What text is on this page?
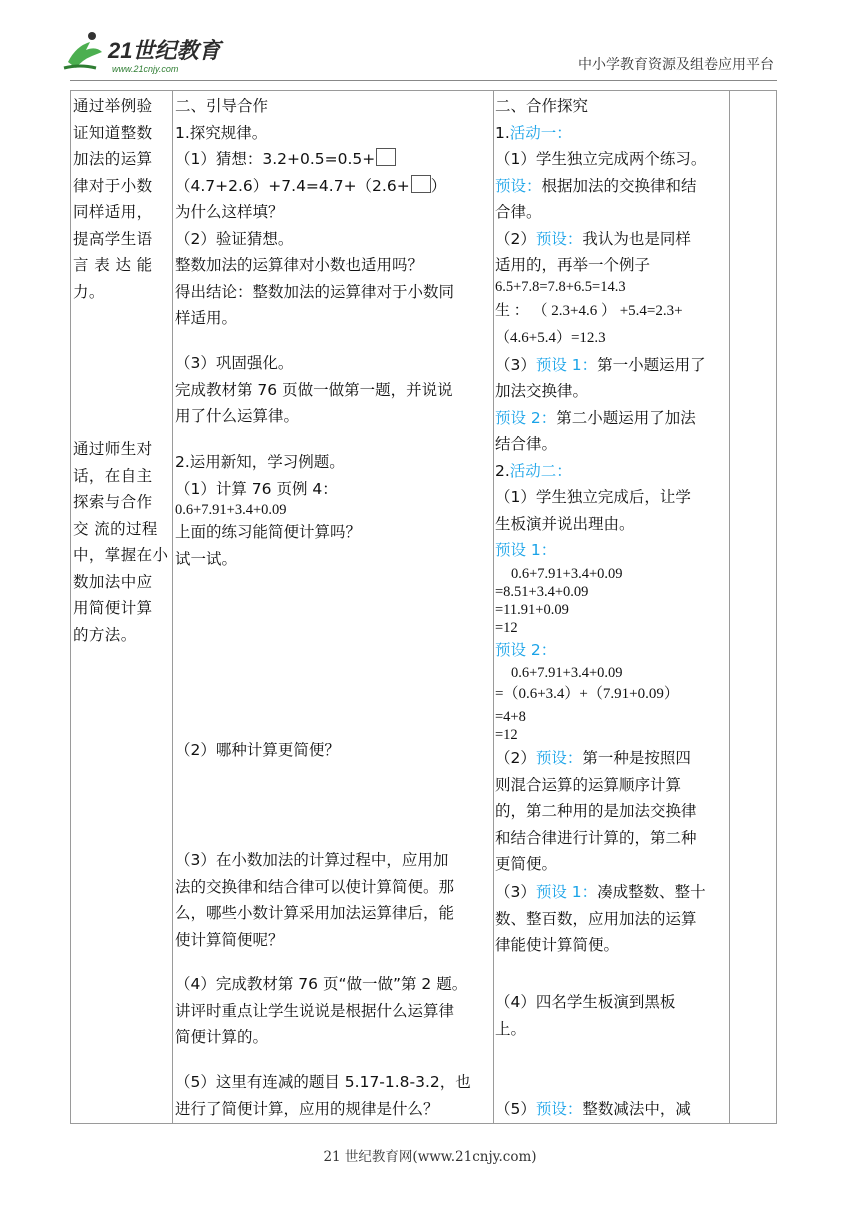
21世纪教育
www.21cnjy.com	中小学教育资源及组卷应用平台
通过举例验
证知道整数
加法的运算
律对于小数
同样适用，
提高学生语
言 表 达 能
力。
通过师生对
话，在自主
探索与合作
交 流的过程
中，掌握在小
数加法中应
用简便计算
的方法。
二、引导合作
1.探究规律。
（1）猜想：3.2+0.5=0.5+
（4.7+2.6）+7.4=4.7+（2.6+ ）
为什么这样填？
（2）验证猜想。
整数加法的运算律对小数也适用吗？
得出结论：整数加法的运算律对于小数同
样适用。
（3）巩固强化。
完成教材第 76 页做一做第一题，并说说
用了什么运算律。
2.运用新知，学习例题。
（1）计算 76 页例 4：
0.6+7.91+3.4+0.09
上面的练习能简便计算吗？
试一试。
（2）哪种计算更简便？
（3）在小数加法的计算过程中，应用加
法的交换律和结合律可以使计算简便。那
么，哪些小数计算采用加法运算律后，能
使计算简便呢？
（4）完成教材第 76 页“做一做”第 2 题。
讲评时重点让学生说说是根据什么运算律
简便计算的。
（5）这里有连减的题目 5.17-1.8-3.2，也
进行了简便计算，应用的规律是什么？
二、合作探究
1.活动一：
（1）学生独立完成两个练习。
预设：根据加法的交换律和结
合律。
（2）预设：我认为也是同样
适用的，再举一个例子
6.5+7.8=7.8+6.5=14.3
生 ： （ 2.3+4.6 ） +5.4=2.3+
（4.6+5.4）=12.3
（3）预设 1：第一小题运用了
加法交换律。
预设 2：第二小题运用了加法
结合律。
2.活动二：
（1）学生独立完成后，让学
生板演并说出理由。
预设 1：
0.6+7.91+3.4+0.09
=8.51+3.4+0.09
=11.91+0.09
=12
预设 2：
0.6+7.91+3.4+0.09
=（0.6+3.4）+（7.91+0.09）
=4+8
=12
（2）预设：第一种是按照四
则混合运算的运算顺序计算
的，第二种用的是加法交换律
和结合律进行计算的，第二种
更简便。
（3）预设 1：凑成整数、整十
数、整百数，应用加法的运算
律能使计算简便。
（4）四名学生板演到黑板
上。
（5）预设：整数减法中，减
21 世纪教育网(www.21cnjy.com)
